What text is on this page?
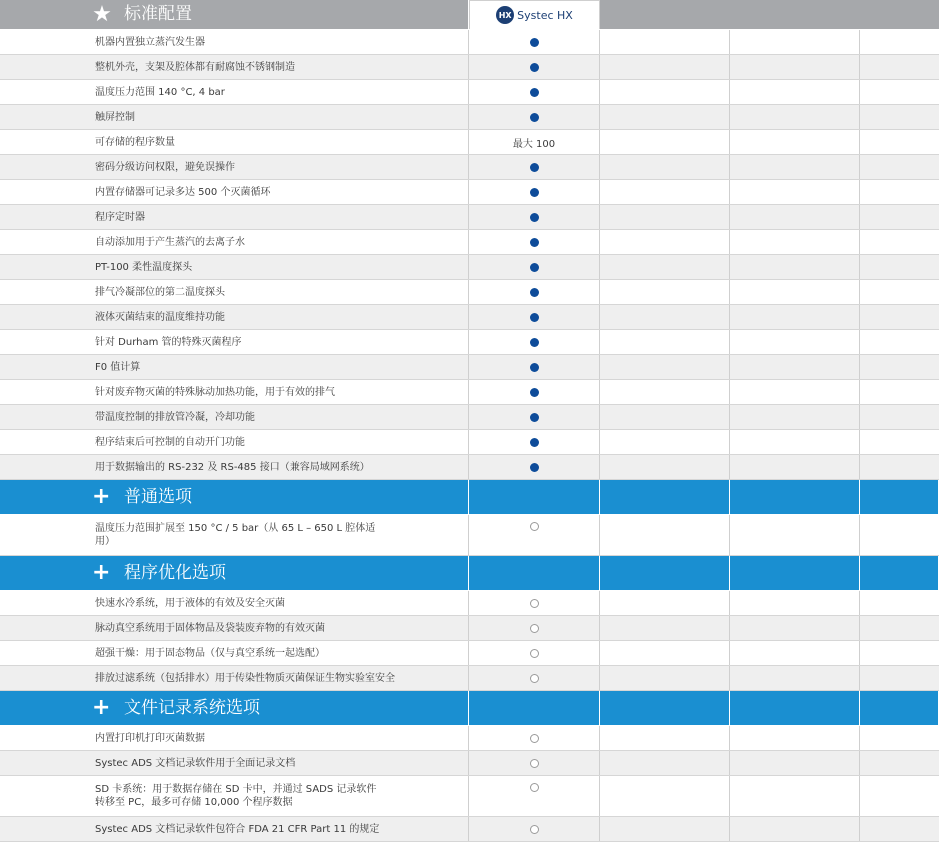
★ 标准配置	HX Systec HX
机器内置独立蒸汽发生器
整机外壳，支架及腔体都有耐腐蚀不锈钢制造
温度压力范围 140 °C, 4 bar
触屏控制
可存储的程序数量	最大 100
密码分级访问权限，避免误操作
内置存储器可记录多达 500 个灭菌循环
程序定时器
自动添加用于产生蒸汽的去离子水
PT-100 柔性温度探头
排气冷凝部位的第二温度探头
液体灭菌结束的温度维持功能
针对 Durham 管的特殊灭菌程序
F0 值计算
针对废弃物灭菌的特殊脉动加热功能，用于有效的排气
带温度控制的排放管冷凝，冷却功能
程序结束后可控制的自动开门功能
用于数据输出的 RS-232 及 RS-485 接口（兼容局域网系统）
+ 普通选项
温度压力范围扩展至 150 °C / 5 bar（从 65 L – 650 L 腔体适用）
+ 程序优化选项
快速水冷系统，用于液体的有效及安全灭菌
脉动真空系统用于固体物品及袋装废弃物的有效灭菌
超强干燥：用于固态物品（仅与真空系统一起选配）
排放过滤系统（包括排水）用于传染性物质灭菌保证生物实验室安全
+ 文件记录系统选项
内置打印机打印灭菌数据
Systec ADS 文档记录软件用于全面记录文档
SD 卡系统：用于数据存储在 SD 卡中，并通过 SADS 记录软件转移至 PC，最多可存储 10,000 个程序数据
Systec ADS 文档记录软件包符合 FDA 21 CFR Part 11 的规定
